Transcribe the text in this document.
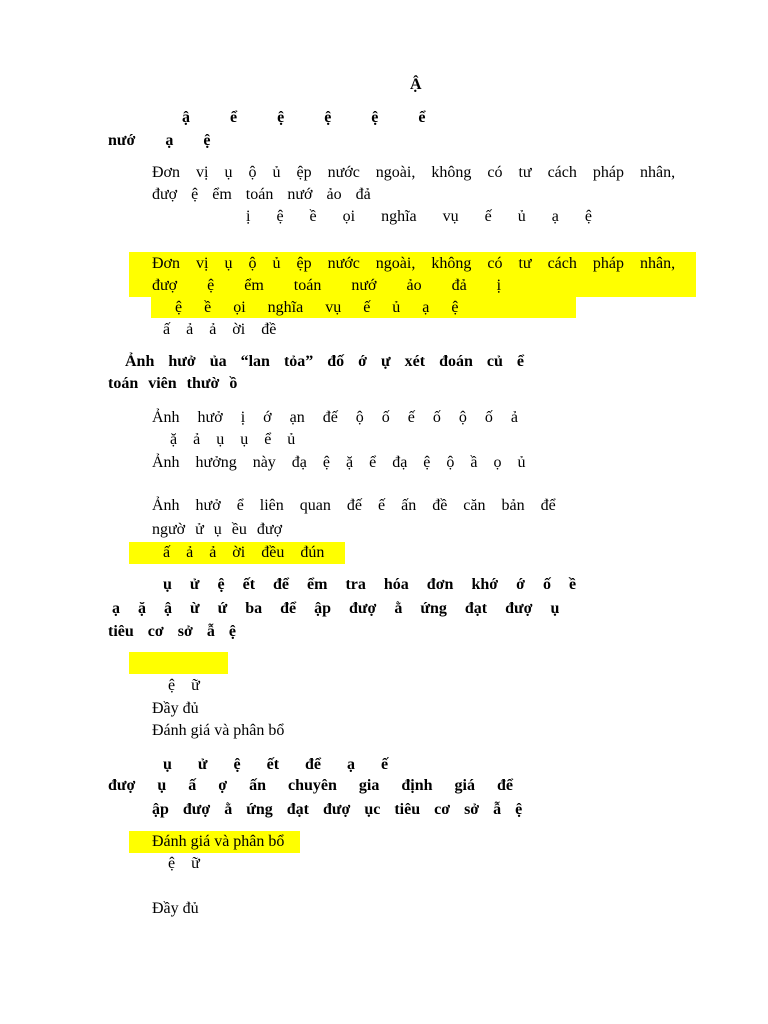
Ậ
ậ ể ệ ệ ệ ể
nướ ạ ệ
Đơn vị ụ ộ ủ ệp nước ngoài, không có tư cách pháp nhân,
đượ ệ ểm toán nướ ảo đả
ị ệ ề ọi nghĩa vụ ế ủ ạ ệ
Đơn vị ụ ộ ủ ệp nước ngoài, không có tư cách pháp nhân,
đượ ệ ểm toán nướ ảo đả ị
ệ ề ọi nghĩa vụ ế ủ ạ ệ
ấ ả ả ời đề
Ảnh hưở ủa “lan tỏa” đố ớ ự xét đoán củ ể
toán viên thườ ồ
Ảnh hưở ị ớ ạn đế ộ ố ế ố ộ ố ả
ặ ả ụ ụ ể ủ
Ảnh hưởng này đạ ệ ặ ể đạ ệ ộ ầ ọ ủ
Ảnh hưở ể liên quan đế ế ấn đề căn bản để
ngườ ử ụ ều đượ
ấ ả ả ời đều đún
ụ ử ệ ết để ểm tra hóa đơn khớ ớ ố ề
ạ ặ ậ ừ ứ ba để ập đượ ằ ứng đạt đượ ụ
tiêu cơ sở ẫ ệ
ệ ữ
Đầy đủ
Đánh giá và phân bổ
ụ ử ệ ết để ạ ế
đượ ụ ấ ợ ấn chuyên gia định giá để
ập đượ ằ ứng đạt đượ ục tiêu cơ sở ẫ ệ
Đánh giá và phân bổ
ệ ữ
Đầy đủ
